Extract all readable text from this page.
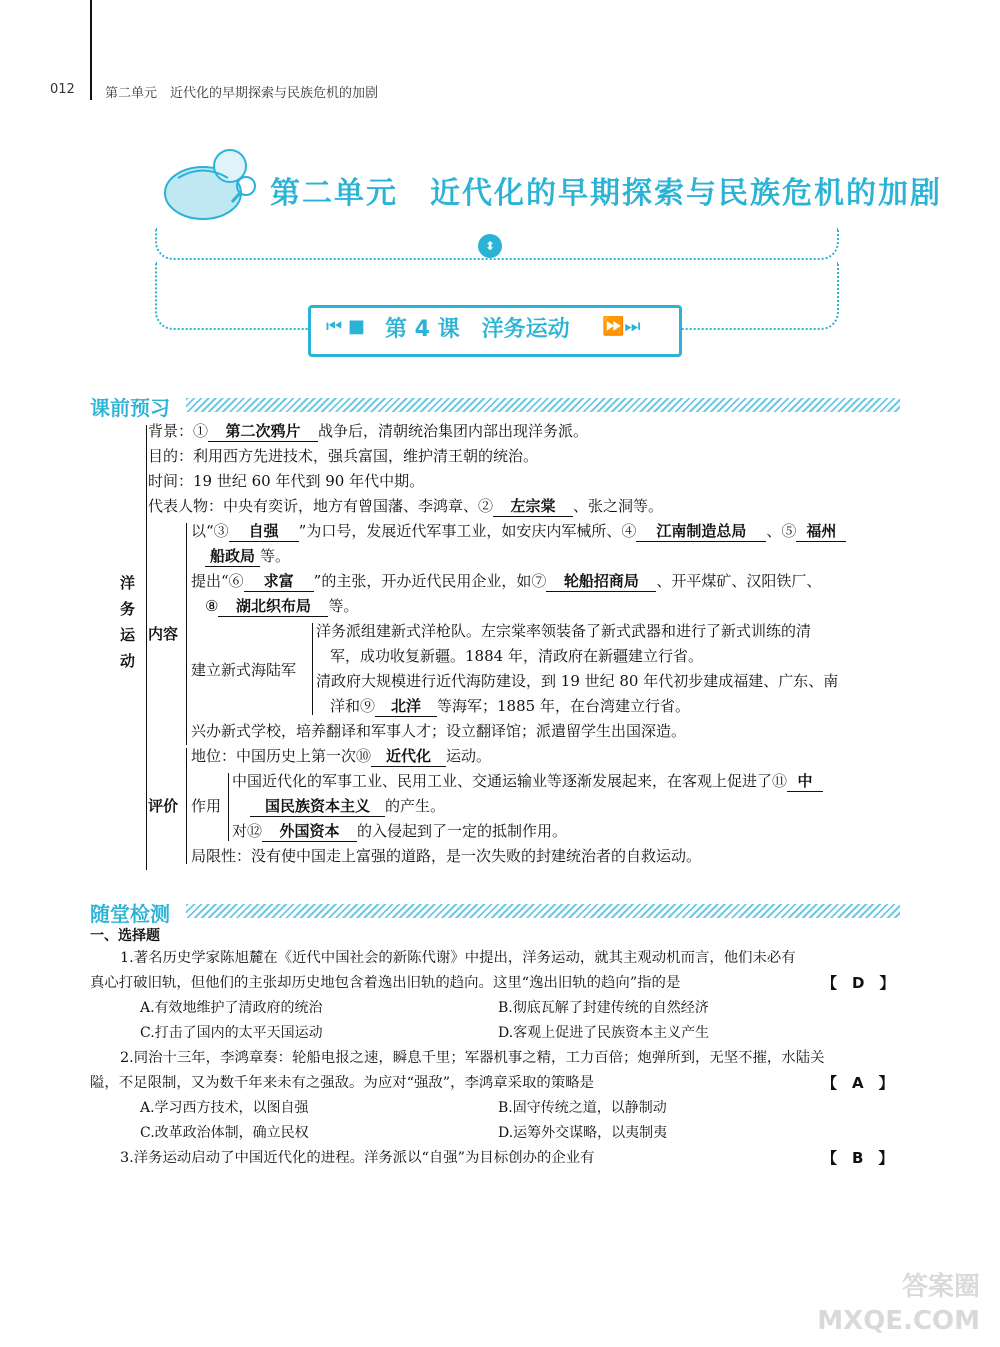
012 第二单元　近代化的早期探索与民族危机的加剧
第二单元　近代化的早期探索与民族危机的加剧
⬍
⏮ ■ 第 4 课　洋务运动 ⏩⏭
课前预习
洋
务
运
动
背景：① 第二次鸦片 战争后，清朝统治集团内部出现洋务派。
目的：利用西方先进技术，强兵富国，维护清王朝的统治。
时间：19 世纪 60 年代到 90 年代中期。
代表人物：中央有奕䜣，地方有曾国藩、李鸿章、② 左宗棠 、张之洞等。
内容
以“③ 自强 ”为口号，发展近代军事工业，如安庆内军械所、④ 江南制造总局 、⑤ 福州
船政局 等。
提出“⑥ 求富 ”的主张，开办近代民用企业，如⑦ 轮船招商局 、开平煤矿、汉阳铁厂、
⑧ 湖北织布局 等。
建立新式海陆军
洋务派组建新式洋枪队。左宗棠率领装备了新式武器和进行了新式训练的清
军，成功收复新疆。1884 年，清政府在新疆建立行省。
清政府大规模进行近代海防建设，到 19 世纪 80 年代初步建成福建、广东、南
洋和⑨ 北洋 等海军；1885 年，在台湾建立行省。
兴办新式学校，培养翻译和军事人才；设立翻译馆；派遣留学生出国深造。
评价
地位：中国历史上第一次⑩ 近代化 运动。
作用
中国近代化的军事工业、民用工业、交通运输业等逐渐发展起来，在客观上促进了⑪ 中
国民族资本主义 的产生。
对⑫ 外国资本 的入侵起到了一定的抵制作用。
局限性：没有使中国走上富强的道路，是一次失败的封建统治者的自救运动。
随堂检测
一、选择题
1.著名历史学家陈旭麓在《近代中国社会的新陈代谢》中提出，洋务运动，就其主观动机而言，他们未必有
真心打破旧轨，但他们的主张却历史地包含着逸出旧轨的趋向。这里“逸出旧轨的趋向”指的是	【　D　】
A.有效地维护了清政府的统治	B.彻底瓦解了封建传统的自然经济
C.打击了国内的太平天国运动	D.客观上促进了民族资本主义产生
2.同治十三年，李鸿章奏：轮船电报之速，瞬息千里；军器机事之精，工力百倍；炮弹所到，无坚不摧，水陆关
隘，不足限制，又为数千年来未有之强敌。为应对“强敌”，李鸿章采取的策略是	【　A　】
A.学习西方技术，以图自强	B.固守传统之道，以静制动
C.改革政治体制，确立民权	D.运筹外交谋略，以夷制夷
3.洋务运动启动了中国近代化的进程。洋务派以“自强”为目标创办的企业有	【　B　】
答案圈 MXQE.COM
